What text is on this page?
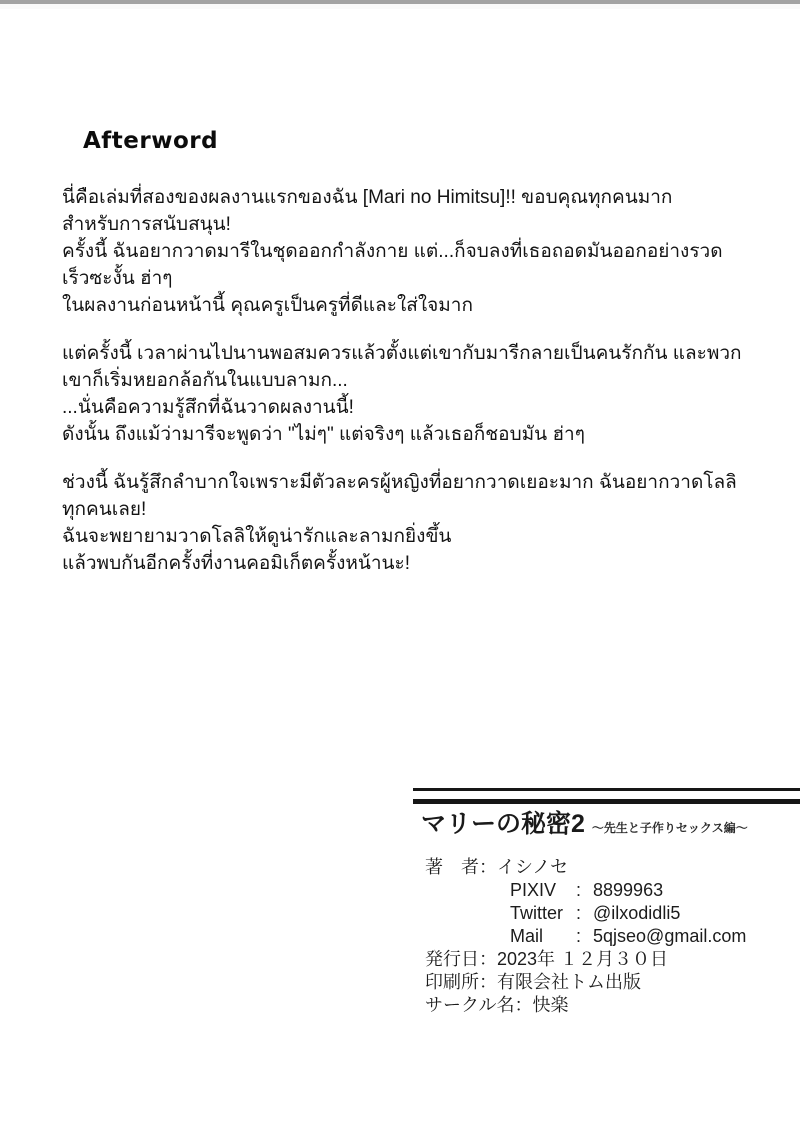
Afterword
นี่คือเล่มที่สองของผลงานแรกของฉัน [Mari no Himitsu]!! ขอบคุณทุกคนมาก
สำหรับการสนับสนุน!
ครั้งนี้ ฉันอยากวาดมารีในชุดออกกำลังกาย แต่...ก็จบลงที่เธอถอดมันออกอย่างรวด
เร็วซะงั้น ฮ่าๆ
ในผลงานก่อนหน้านี้ คุณครูเป็นครูที่ดีและใส่ใจมาก
แต่ครั้งนี้ เวลาผ่านไปนานพอสมควรแล้วตั้งแต่เขากับมารีกลายเป็นคนรักกัน และพวก
เขาก็เริ่มหยอกล้อกันในแบบลามก...
...นั่นคือความรู้สึกที่ฉันวาดผลงานนี้!
ดังนั้น ถึงแม้ว่ามารีจะพูดว่า "ไม่ๆ" แต่จริงๆ แล้วเธอก็ชอบมัน ฮ่าๆ
ช่วงนี้ ฉันรู้สึกลำบากใจเพราะมีตัวละครผู้หญิงที่อยากวาดเยอะมาก ฉันอยากวาดโลลิ
ทุกคนเลย!
ฉันจะพยายามวาดโลลิให้ดูน่ารักและลามกยิ่งขึ้น
แล้วพบกันอีกครั้งที่งานคอมิเก็ตครั้งหน้านะ!
マリーの秘密2 ～先生と子作りセックス編～
著　者：イシノセ
PIXIV	: 8899963
Twitter : @ilxodidli5
Mail	: 5qjseo@gmail.com
発行日：2023年 １２月３０日
印刷所：有限会社トム出版
サークル名：快楽
